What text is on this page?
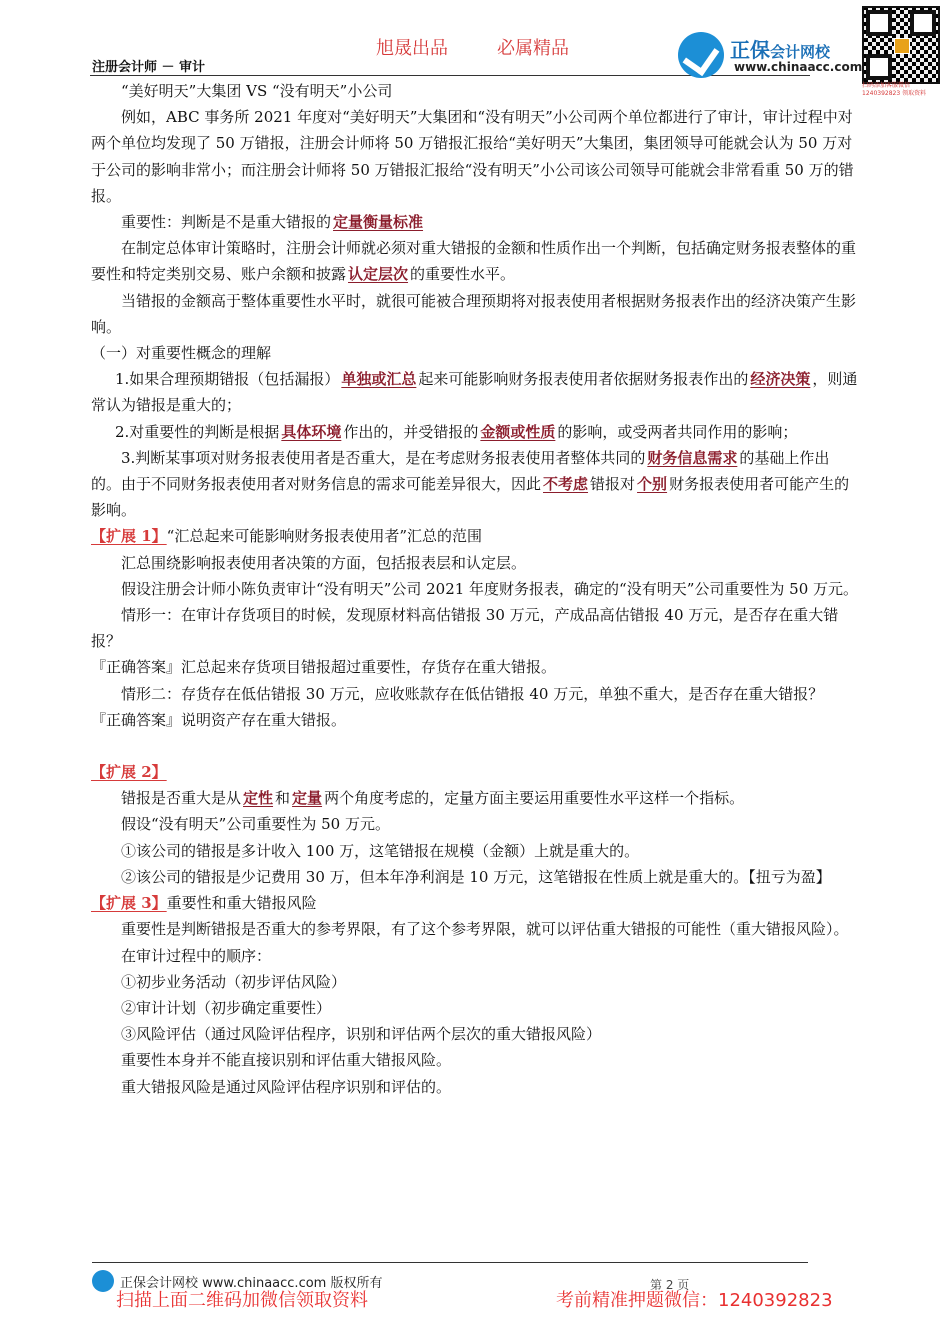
旭晟出品	必属精品
注册会计师 － 审计
正保会计网校
www.chinaacc.com
扫码添加客服微信 1240392823 领取资料

“美好明天”大集团 VS “没有明天”小公司

例如，ABC 事务所 2021 年度对“美好明天”大集团和“没有明天”小公司两个单位都进行了审计，审计过程中对两个单位均发现了 50 万错报，注册会计师将 50 万错报汇报给“美好明天”大集团，集团领导可能就会认为 50 万对于公司的影响非常小；而注册会计师将 50 万错报汇报给“没有明天”小公司该公司领导可能就会非常看重 50 万的错报。

重要性：判断是不是重大错报的 定量衡量标准

在制定总体审计策略时，注册会计师就必须对重大错报的金额和性质作出一个判断，包括确定财务报表整体的重要性和特定类别交易、账户余额和披露 认定层次 的重要性水平。

当错报的金额高于整体重要性水平时，就很可能被合理预期将对报表使用者根据财务报表作出的经济决策产生影响。

（一）对重要性概念的理解

1.如果合理预期错报（包括漏报） 单独或汇总 起来可能影响财务报表使用者依据财务报表作出的 经济决策 ，则通常认为错报是重大的；

2.对重要性的判断是根据 具体环境 作出的，并受错报的 金额或性质 的影响，或受两者共同作用的影响；

3.判断某事项对财务报表使用者是否重大，是在考虑财务报表使用者整体共同的 财务信息需求 的基础上作出的。由于不同财务报表使用者对财务信息的需求可能差异很大，因此 不考虑 错报对 个别 财务报表使用者可能产生的影响。

【扩展 1】“汇总起来可能影响财务报表使用者”汇总的范围

汇总围绕影响报表使用者决策的方面，包括报表层和认定层。

假设注册会计师小陈负责审计“没有明天”公司 2021 年度财务报表，确定的“没有明天”公司重要性为 50 万元。

情形一：在审计存货项目的时候，发现原材料高估错报 30 万元，产成品高估错报 40 万元，是否存在重大错报？

『正确答案』汇总起来存货项目错报超过重要性，存货存在重大错报。

情形二：存货存在低估错报 30 万元，应收账款存在低估错报 40 万元，单独不重大，是否存在重大错报？

『正确答案』说明资产存在重大错报。

【扩展 2】

错报是否重大是从 定性 和 定量 两个角度考虑的，定量方面主要运用重要性水平这样一个指标。

假设“没有明天”公司重要性为 50 万元。

①该公司的错报是多计收入 100 万，这笔错报在规模（金额）上就是重大的。

②该公司的错报是少记费用 30 万，但本年净利润是 10 万元，这笔错报在性质上就是重大的。【扭亏为盈】

【扩展 3】重要性和重大错报风险

重要性是判断错报是否重大的参考界限，有了这个参考界限，就可以评估重大错报的可能性（重大错报风险）。

在审计过程中的顺序：

①初步业务活动（初步评估风险）

②审计计划（初步确定重要性）

③风险评估（通过风险评估程序，识别和评估两个层次的重大错报风险）

重要性本身并不能直接识别和评估重大错报风险。

重大错报风险是通过风险评估程序识别和评估的。

正保会计网校 www.chinaacc.com 版权所有	第 2 页
扫描上面二维码加微信领取资料	考前精准押题微信：1240392823
